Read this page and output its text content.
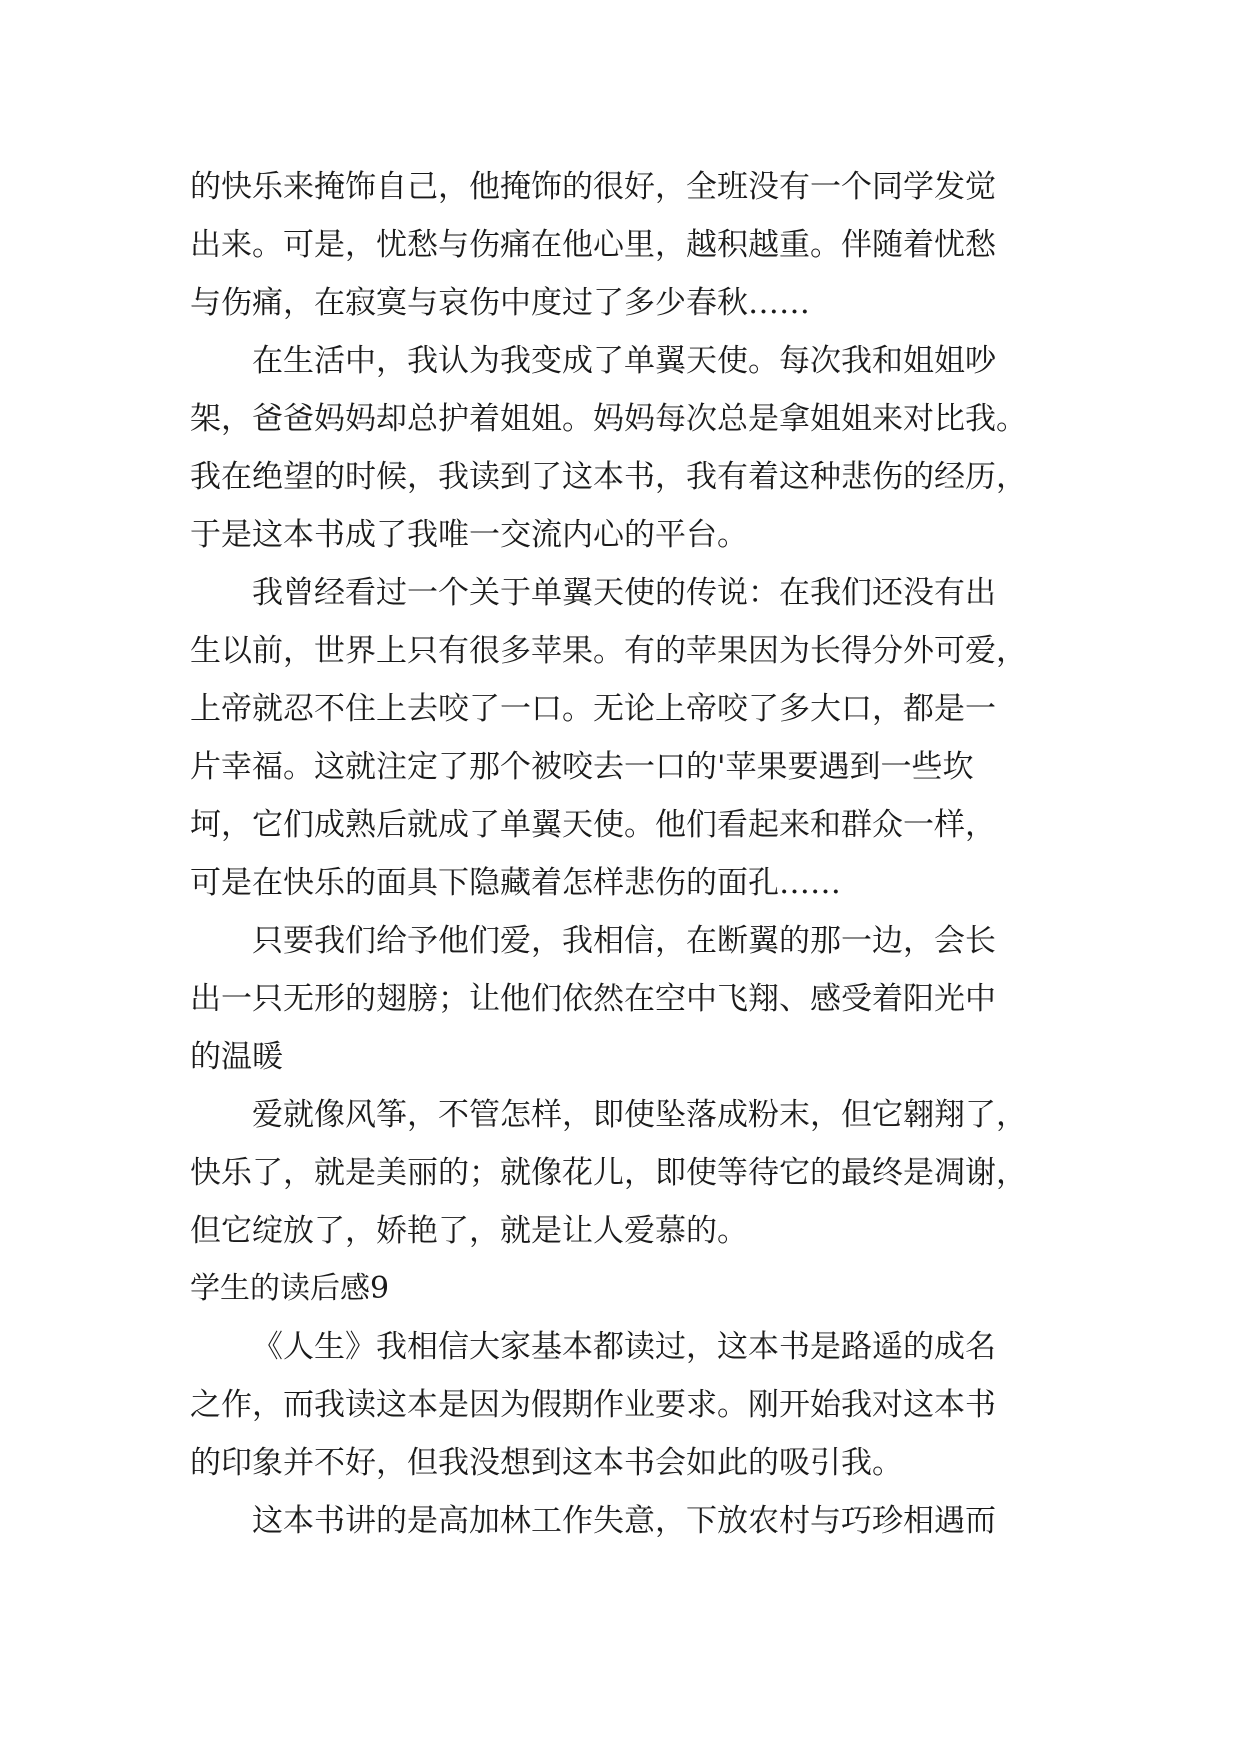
的快乐来掩饰自己，他掩饰的很好，全班没有一个同学发觉
出来。可是，忧愁与伤痛在他心里，越积越重。伴随着忧愁
与伤痛，在寂寞与哀伤中度过了多少春秋……
在生活中，我认为我变成了单翼天使。每次我和姐姐吵
架，爸爸妈妈却总护着姐姐。妈妈每次总是拿姐姐来对比我。
我在绝望的时候，我读到了这本书，我有着这种悲伤的经历，
于是这本书成了我唯一交流内心的平台。
我曾经看过一个关于单翼天使的传说：在我们还没有出
生以前，世界上只有很多苹果。有的苹果因为长得分外可爱，
上帝就忍不住上去咬了一口。无论上帝咬了多大口，都是一
片幸福。这就注定了那个被咬去一口的'苹果要遇到一些坎
坷，它们成熟后就成了单翼天使。他们看起来和群众一样，
可是在快乐的面具下隐藏着怎样悲伤的面孔……
只要我们给予他们爱，我相信，在断翼的那一边，会长
出一只无形的翅膀；让他们依然在空中飞翔、感受着阳光中
的温暖
爱就像风筝，不管怎样，即使坠落成粉末，但它翱翔了，
快乐了，就是美丽的；就像花儿，即使等待它的最终是凋谢，
但它绽放了，娇艳了，就是让人爱慕的。
学生的读后感9
《人生》我相信大家基本都读过，这本书是路遥的成名
之作，而我读这本是因为假期作业要求。刚开始我对这本书
的印象并不好，但我没想到这本书会如此的吸引我。
这本书讲的是高加林工作失意，下放农村与巧珍相遇而
